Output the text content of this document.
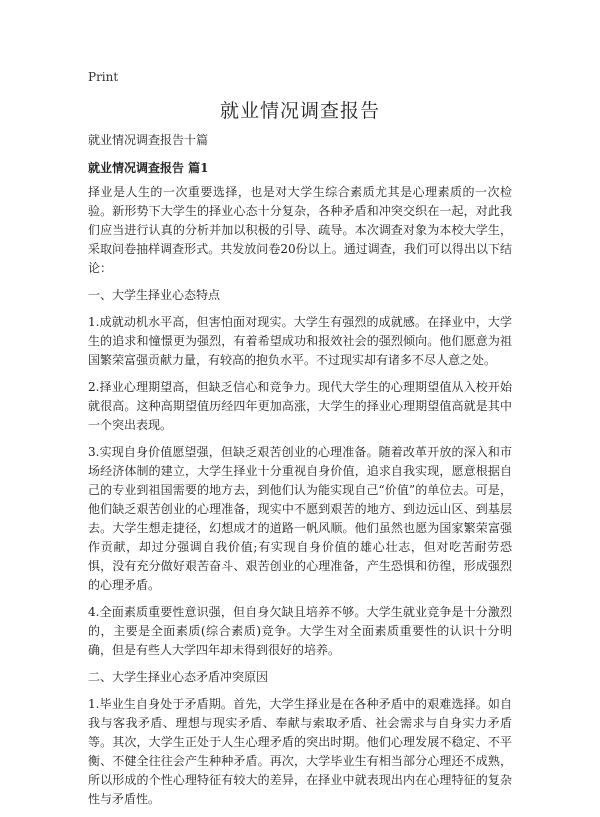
Print
就业情况调查报告

就业情况调查报告十篇

就业情况调查报告 篇1

择业是人生的一次重要选择，也是对大学生综合素质尤其是心理素质的一次检验。新形势下大学生的择业心态十分复杂，各种矛盾和冲突交织在一起，对此我们应当进行认真的分析并加以积极的引导、疏导。本次调查对象为本校大学生，采取问卷抽样调查形式。共发放问卷20份以上。通过调查，我们可以得出以下结论：

一、大学生择业心态特点

1.成就动机水平高，但害怕面对现实。大学生有强烈的成就感。在择业中，大学生的追求和憧憬更为强烈，有着希望成功和报效社会的强烈倾向。他们愿意为祖国繁荣富强贡献力量，有较高的抱负水平。不过现实却有诸多不尽人意之处。

2.择业心理期望高，但缺乏信心和竞争力。现代大学生的心理期望值从入校开始就很高。这种高期望值历经四年更加高涨，大学生的择业心理期望值高就是其中一个突出表现。

3.实现自身价值愿望强，但缺乏艰苦创业的心理准备。随着改革开放的深入和市场经济体制的建立，大学生择业十分重视自身价值，追求自我实现，愿意根据自己的专业到祖国需要的地方去，到他们认为能实现自己“价值”的单位去。可是，他们缺乏艰苦创业的心理准备，现实中不愿到艰苦的地方、到边远山区、到基层去。大学生想走捷径，幻想成才的道路一帆风顺。他们虽然也愿为国家繁荣富强作贡献，却过分强调自我价值;有实现自身价值的雄心壮志，但对吃苦耐劳恐惧，没有充分做好艰苦奋斗、艰苦创业的心理准备，产生恐惧和彷徨，形成强烈的心理矛盾。

4.全面素质重要性意识强，但自身欠缺且培养不够。大学生就业竞争是十分激烈的，主要是全面素质(综合素质)竞争。大学生对全面素质重要性的认识十分明确，但是有些人大学四年却未得到很好的培养。

二、大学生择业心态矛盾冲突原因

1.毕业生自身处于矛盾期。首先，大学生择业是在各种矛盾中的艰难选择。如自我与客我矛盾、理想与现实矛盾、奉献与索取矛盾、社会需求与自身实力矛盾等。其次，大学生正处于人生心理矛盾的突出时期。他们心理发展不稳定、不平衡、不健全往往会产生种种矛盾。再次，大学毕业生有相当部分心理还不成熟，所以形成的个性心理特征有较大的差异，在择业中就表现出内在心理特征的复杂性与矛盾性。
